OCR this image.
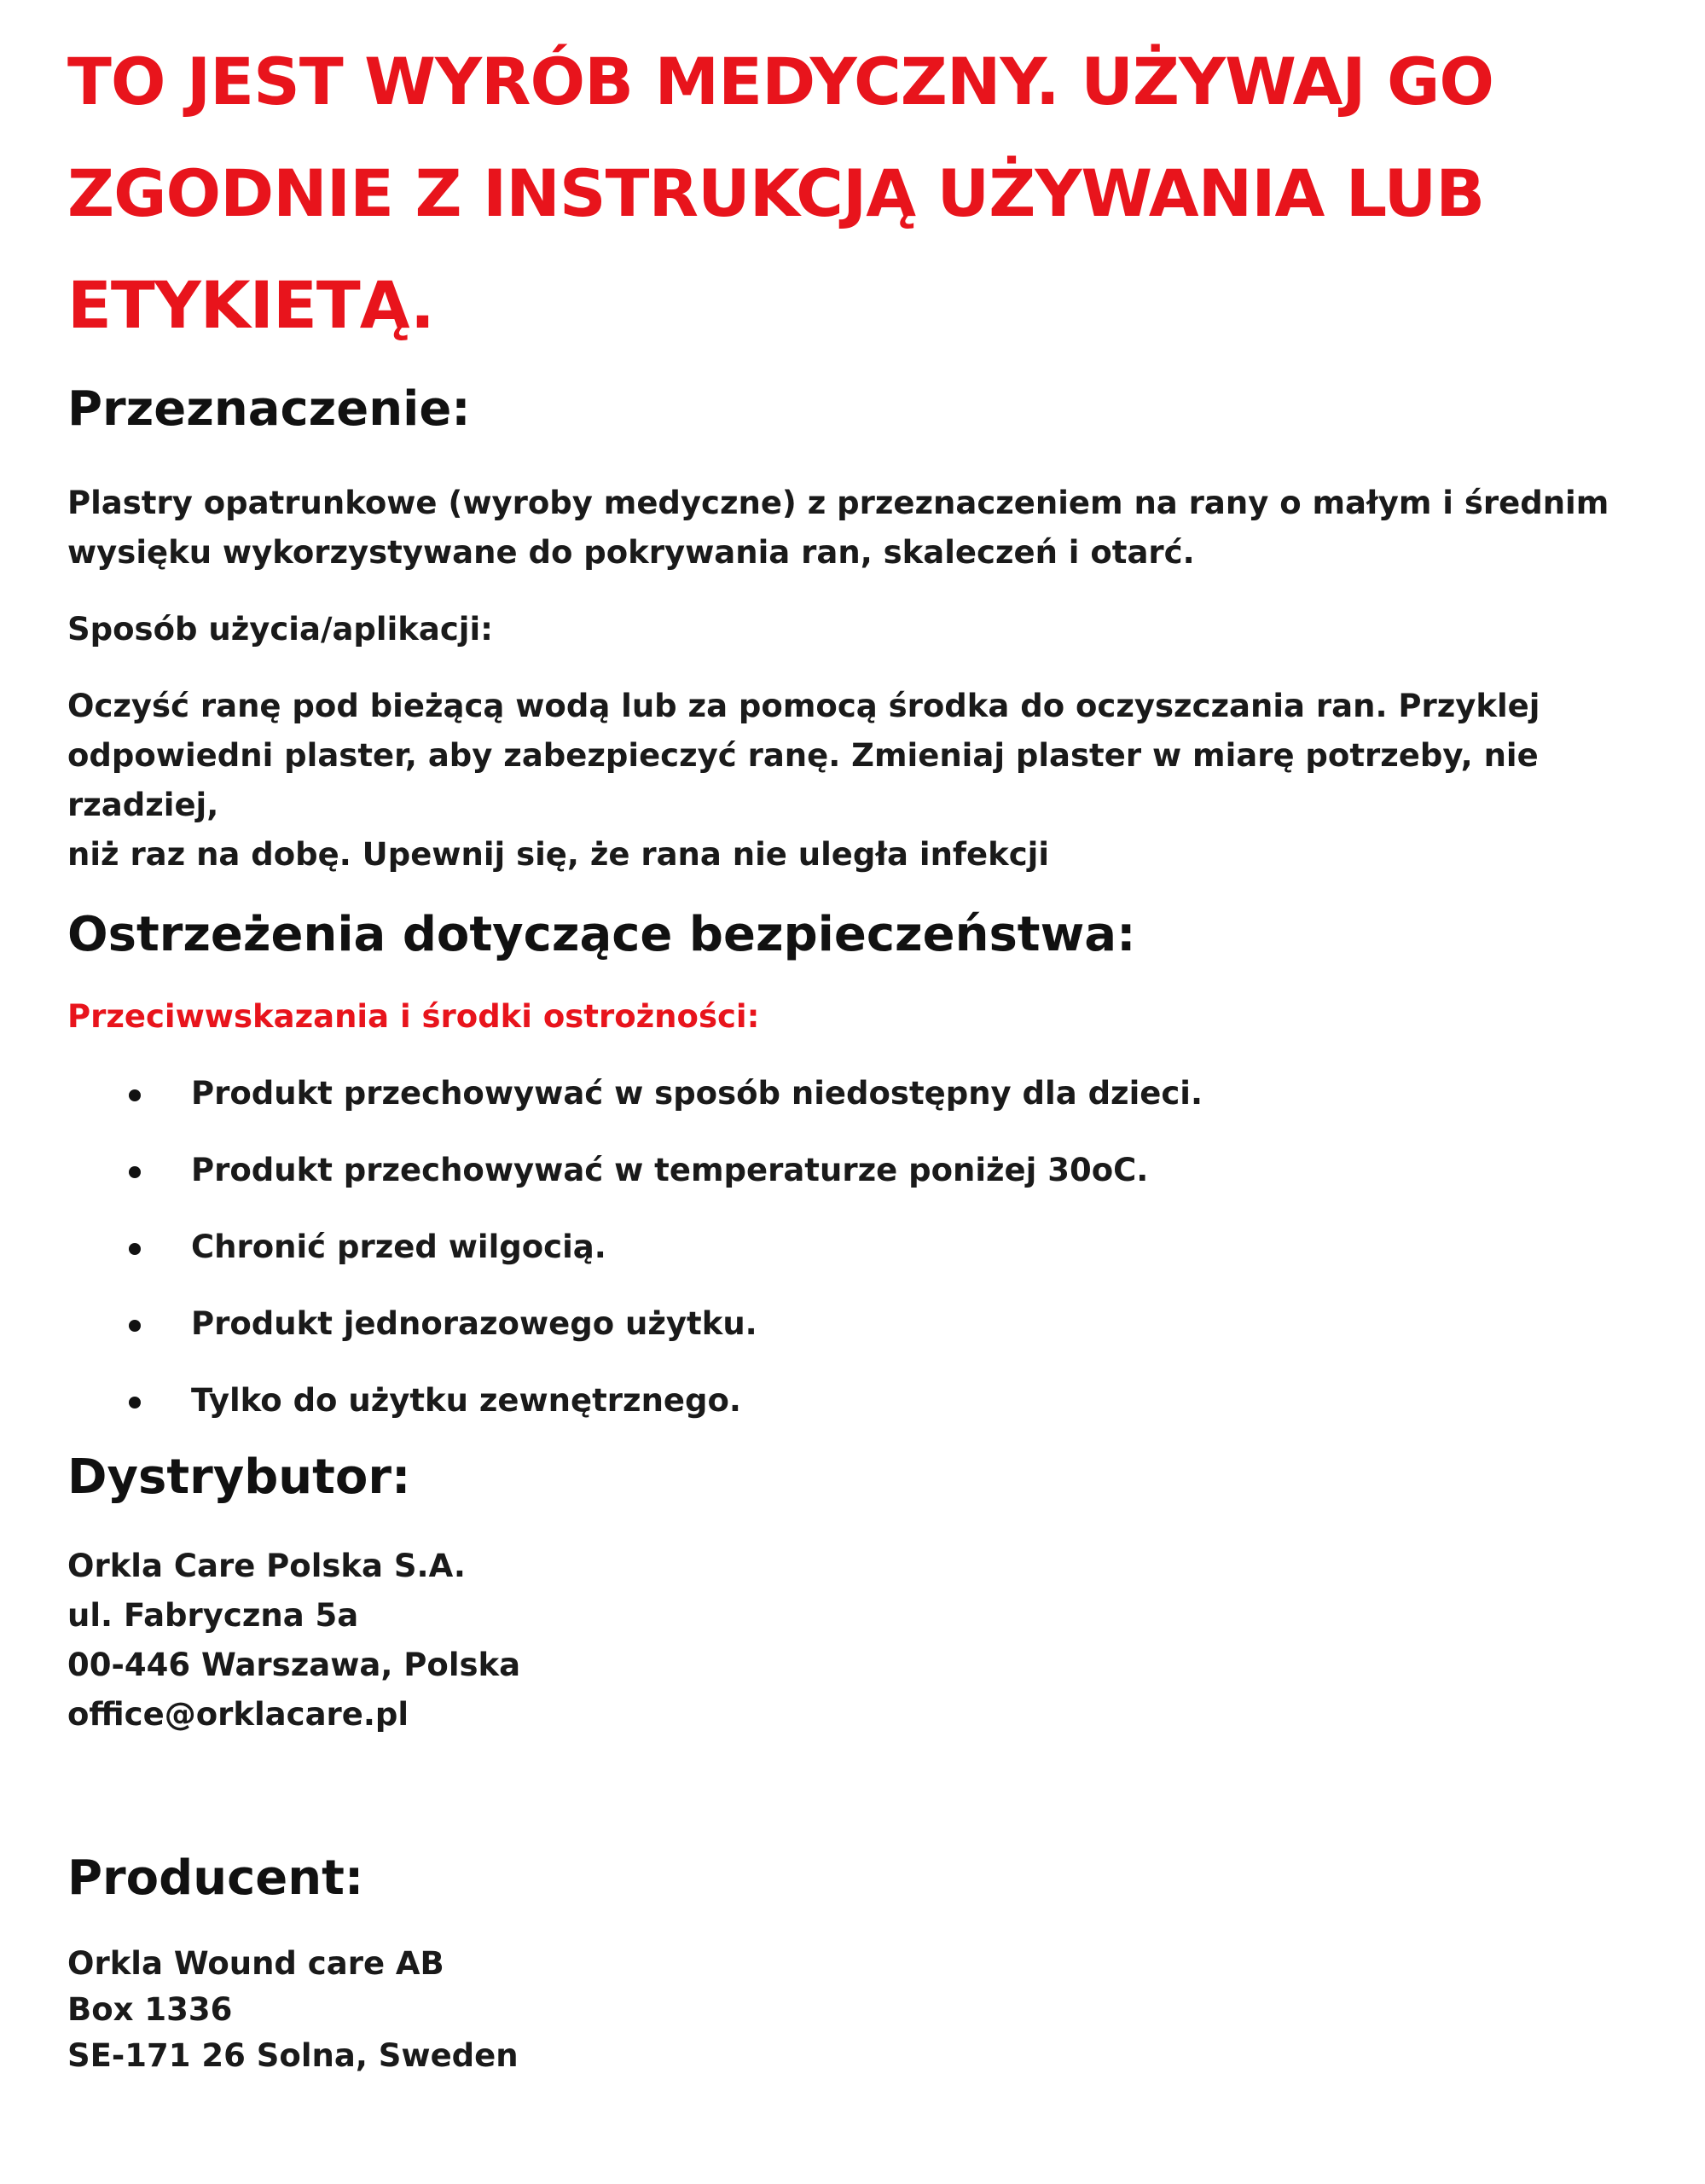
TO JEST WYRÓB MEDYCZNY. UŻYWAJ GO
ZGODNIE Z INSTRUKCJĄ UŻYWANIA LUB
ETYKIETĄ.
Przeznaczenie:

Plastry opatrunkowe (wyroby medyczne) z przeznaczeniem na rany o małym i średnim

wysięku wykorzystywane do pokrywania ran, skaleczeń i otarć.

Sposób użycia/aplikacji:

Oczyść ranę pod bieżącą wodą lub za pomocą środka do oczyszczania ran. Przyklej

odpowiedni plaster, aby zabezpieczyć ranę. Zmieniaj plaster w miarę potrzeby, nie rzadziej,

niż raz na dobę. Upewnij się, że rana nie uległa infekcji

Ostrzeżenia dotyczące bezpieczeństwa:

Przeciwwskazania i środki ostrożności:

Produkt przechowywać w sposób niedostępny dla dzieci.
Produkt przechowywać w temperaturze poniżej 30oC.
Chronić przed wilgocią.
Produkt jednorazowego użytku.
Tylko do użytku zewnętrznego.
Dystrybutor:
Orkla Care Polska S.A.
ul. Fabryczna 5a
00-446 Warszawa, Polska
office@orklacare.pl
Producent:
Orkla Wound care AB
Box 1336
SE-171 26 Solna, Sweden
